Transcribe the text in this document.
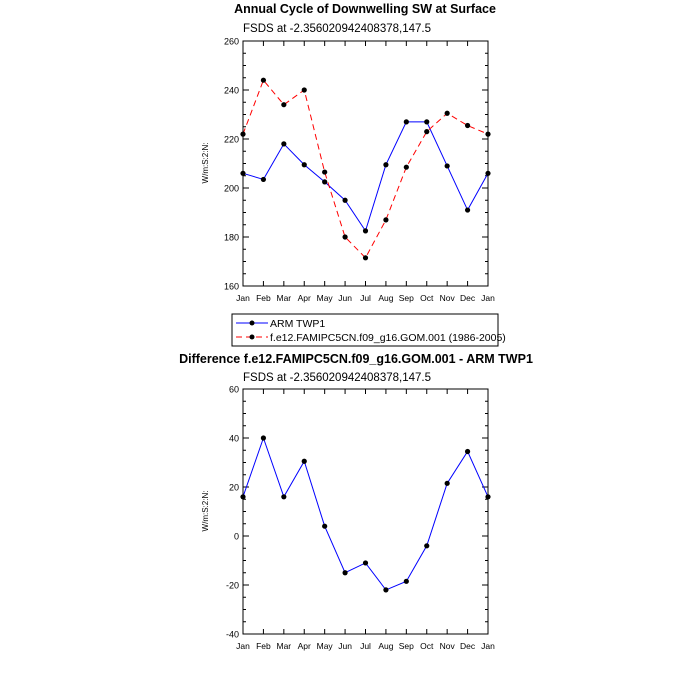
Annual Cycle of Downwelling SW at Surface
FSDS at -2.356020942408378,147.5
W/m:S:2:N:
Jan Feb Mar Apr May Jun Jul Aug Sep Oct Nov Dec Jan
160
180
200
220
240
260
ARM TWP1
f.e12.FAMIPC5CN.f09_g16.GOM.001 (1986-2005)
Difference f.e12.FAMIPC5CN.f09_g16.GOM.001 - ARM TWP1
FSDS at -2.356020942408378,147.5
W/m:S:2:N:
Jan Feb Mar Apr May Jun Jul Aug Sep Oct Nov Dec Jan
-40
-20
0
20
40
60
